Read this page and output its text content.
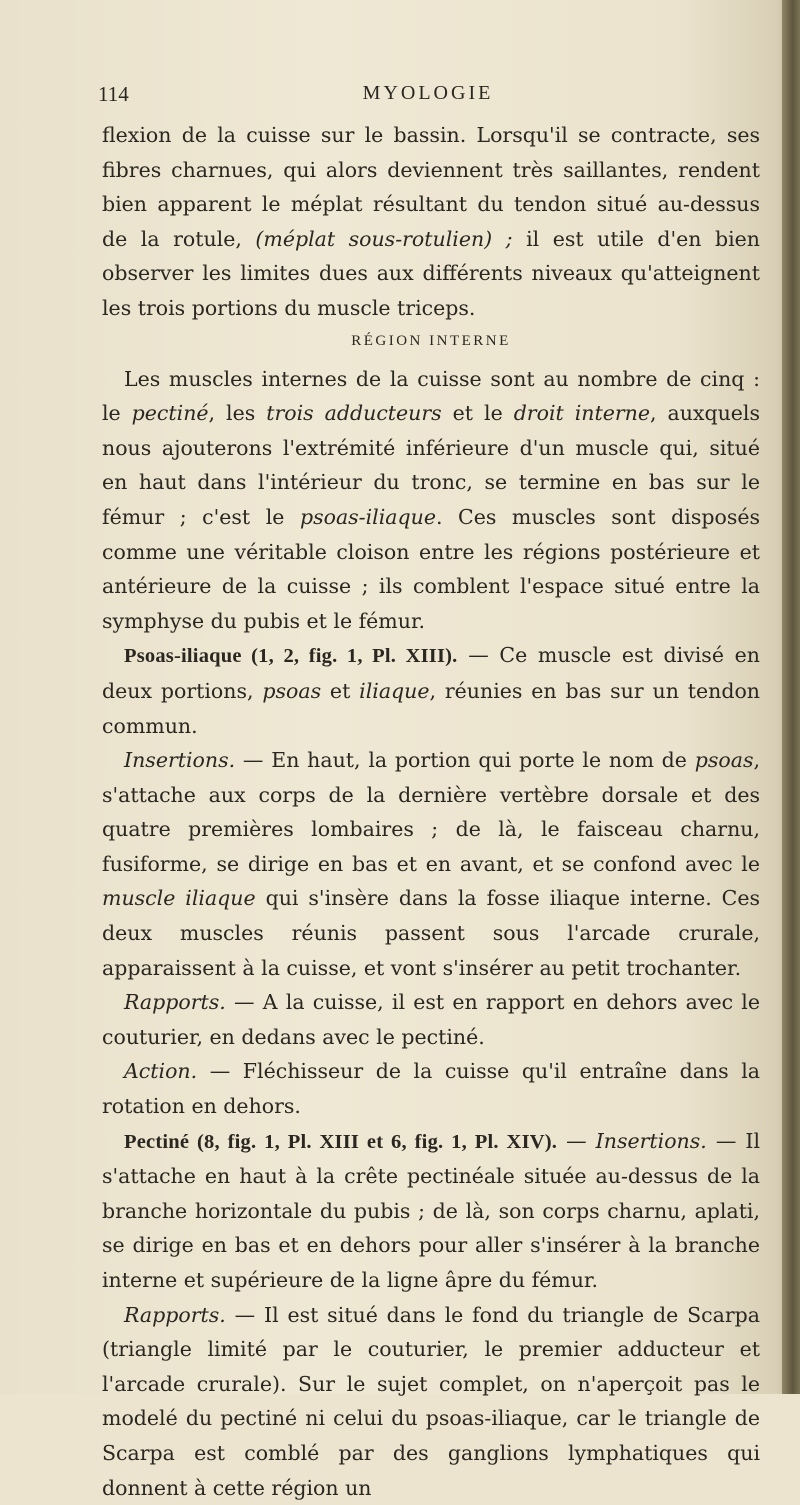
114	MYOLOGIE

flexion de la cuisse sur le bassin. Lorsqu'il se contracte, ses fibres charnues, qui alors deviennent très saillantes, rendent bien apparent le méplat résultant du tendon situé au-dessus de la rotule, (méplat sous-rotulien) ; il est utile d'en bien observer les limites dues aux différents niveaux qu'atteignent les trois portions du muscle triceps.

RÉGION INTERNE

Les muscles internes de la cuisse sont au nombre de cinq : le pectiné, les trois adducteurs et le droit interne, auxquels nous ajouterons l'extrémité inférieure d'un muscle qui, situé en haut dans l'intérieur du tronc, se termine en bas sur le fémur ; c'est le psoas-iliaque. Ces muscles sont disposés comme une véritable cloison entre les régions postérieure et antérieure de la cuisse ; ils comblent l'espace situé entre la symphyse du pubis et le fémur.

Psoas-iliaque (1, 2, fig. 1, Pl. XIII). — Ce muscle est divisé en deux portions, psoas et iliaque, réunies en bas sur un tendon commun.

Insertions. — En haut, la portion qui porte le nom de psoas, s'attache aux corps de la dernière vertèbre dorsale et des quatre premières lombaires ; de là, le faisceau charnu, fusiforme, se dirige en bas et en avant, et se confond avec le muscle iliaque qui s'insère dans la fosse iliaque interne. Ces deux muscles réunis passent sous l'arcade crurale, apparaissent à la cuisse, et vont s'insérer au petit trochanter.

Rapports. — A la cuisse, il est en rapport en dehors avec le couturier, en dedans avec le pectiné.

Action. — Fléchisseur de la cuisse qu'il entraîne dans la rotation en dehors.

Pectiné (8, fig. 1, Pl. XIII et 6, fig. 1, Pl. XIV). — Insertions. — Il s'attache en haut à la crête pectinéale située au-dessus de la branche horizontale du pubis ; de là, son corps charnu, aplati, se dirige en bas et en dehors pour aller s'insérer à la branche interne et supérieure de la ligne âpre du fémur.

Rapports. — Il est situé dans le fond du triangle de Scarpa (triangle limité par le couturier, le premier adducteur et l'arcade crurale). Sur le sujet complet, on n'aperçoit pas le modelé du pectiné ni celui du psoas-iliaque, car le triangle de Scarpa est comblé par des ganglions lymphatiques qui donnent à cette région un
